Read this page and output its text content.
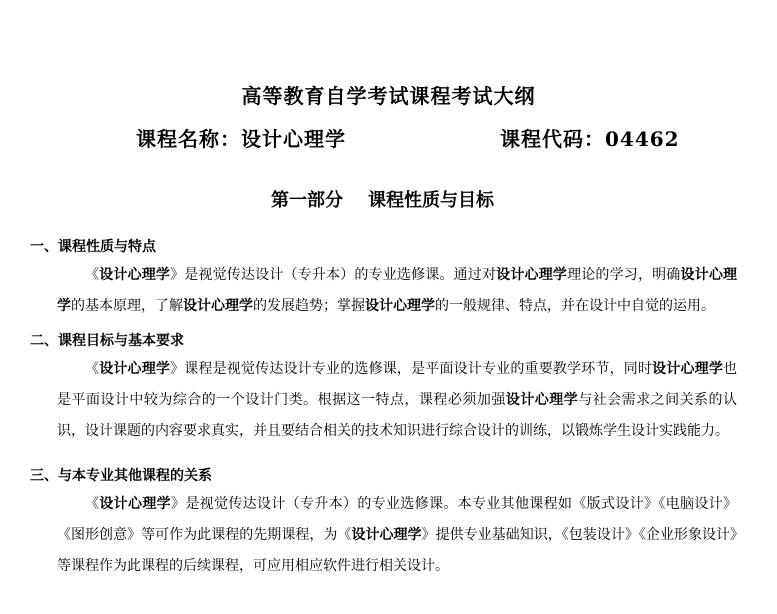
高等教育自学考试课程考试大纲
课程名称：设计心理学	课程代码：04462
第一部分    课程性质与目标
一、课程性质与特点
《设计心理学》是视觉传达设计（专升本）的专业选修课。通过对设计心理学理论的学习，明确设计心理学的基本原理，了解设计心理学的发展趋势；掌握设计心理学的一般规律、特点，并在设计中自觉的运用。
二、课程目标与基本要求
《设计心理学》课程是视觉传达设计专业的选修课，是平面设计专业的重要教学环节，同时设计心理学也是平面设计中较为综合的一个设计门类。根据这一特点，课程必须加强设计心理学与社会需求之间关系的认识，设计课题的内容要求真实，并且要结合相关的技术知识进行综合设计的训练，以锻炼学生设计实践能力。
三、与本专业其他课程的关系
《设计心理学》是视觉传达设计（专升本）的专业选修课。本专业其他课程如《版式设计》《电脑设计》《图形创意》等可作为此课程的先期课程，为《设计心理学》提供专业基础知识，《包装设计》《企业形象设计》等课程作为此课程的后续课程，可应用相应软件进行相关设计。
